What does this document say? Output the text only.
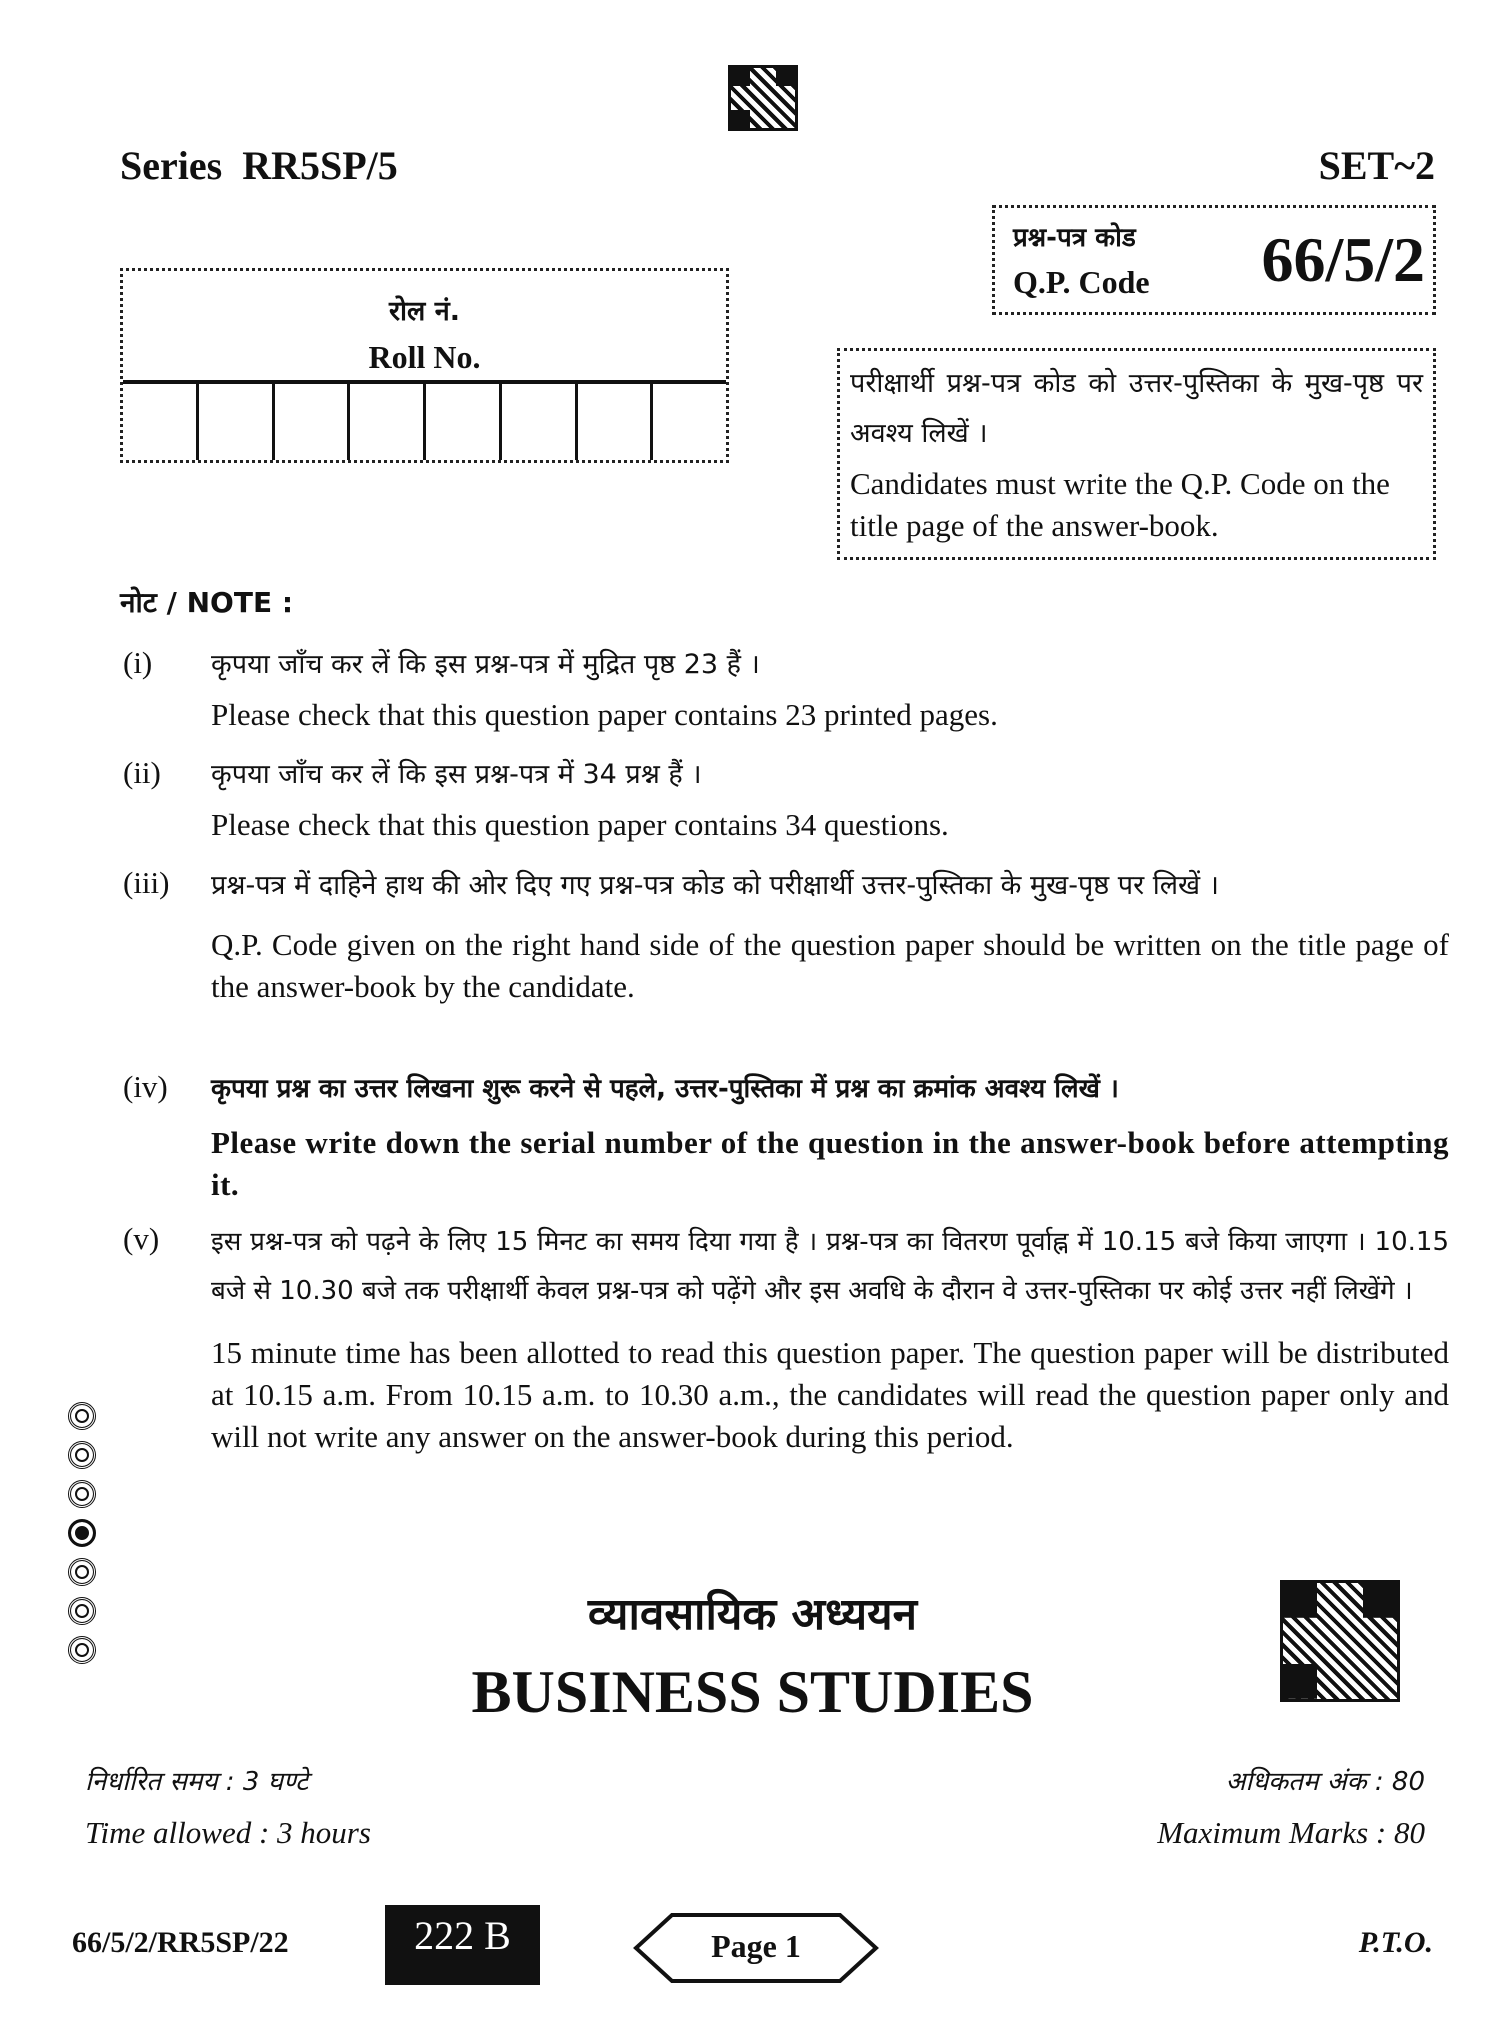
Series  RR5SP/5	SET~2
प्रश्न-पत्र कोड
Q.P. Code 66/5/2
रोल नं.
Roll No.
परीक्षार्थी प्रश्न-पत्र कोड को उत्तर-पुस्तिका के मुख-पृष्ठ पर अवश्य लिखें ।
Candidates must write the Q.P. Code on the title page of the answer-book.
नोट / NOTE :
(i) कृपया जाँच कर लें कि इस प्रश्न-पत्र में मुद्रित पृष्ठ 23 हैं ।
Please check that this question paper contains 23 printed pages.
(ii) कृपया जाँच कर लें कि इस प्रश्न-पत्र में 34 प्रश्न हैं ।
Please check that this question paper contains 34 questions.
(iii) प्रश्न-पत्र में दाहिने हाथ की ओर दिए गए प्रश्न-पत्र कोड को परीक्षार्थी उत्तर-पुस्तिका के मुख-पृष्ठ पर लिखें ।
Q.P. Code given on the right hand side of the question paper should be written on the title page of the answer-book by the candidate.
(iv) कृपया प्रश्न का उत्तर लिखना शुरू करने से पहले, उत्तर-पुस्तिका में प्रश्न का क्रमांक अवश्य लिखें ।
Please write down the serial number of the question in the answer-book before attempting it.
(v) इस प्रश्न-पत्र को पढ़ने के लिए 15 मिनट का समय दिया गया है । प्रश्न-पत्र का वितरण पूर्वाह्न में 10.15 बजे किया जाएगा । 10.15 बजे से 10.30 बजे तक परीक्षार्थी केवल प्रश्न-पत्र को पढ़ेंगे और इस अवधि के दौरान वे उत्तर-पुस्तिका पर कोई उत्तर नहीं लिखेंगे ।
15 minute time has been allotted to read this question paper. The question paper will be distributed at 10.15 a.m. From 10.15 a.m. to 10.30 a.m., the candidates will read the question paper only and will not write any answer on the answer-book during this period.
व्यावसायिक अध्ययन
BUSINESS STUDIES
निर्धारित समय : 3 घण्टे
Time allowed : 3 hours
अधिकतम अंक : 80
Maximum Marks : 80
66/5/2/RR5SP/22	222 B	Page 1	P.T.O.
